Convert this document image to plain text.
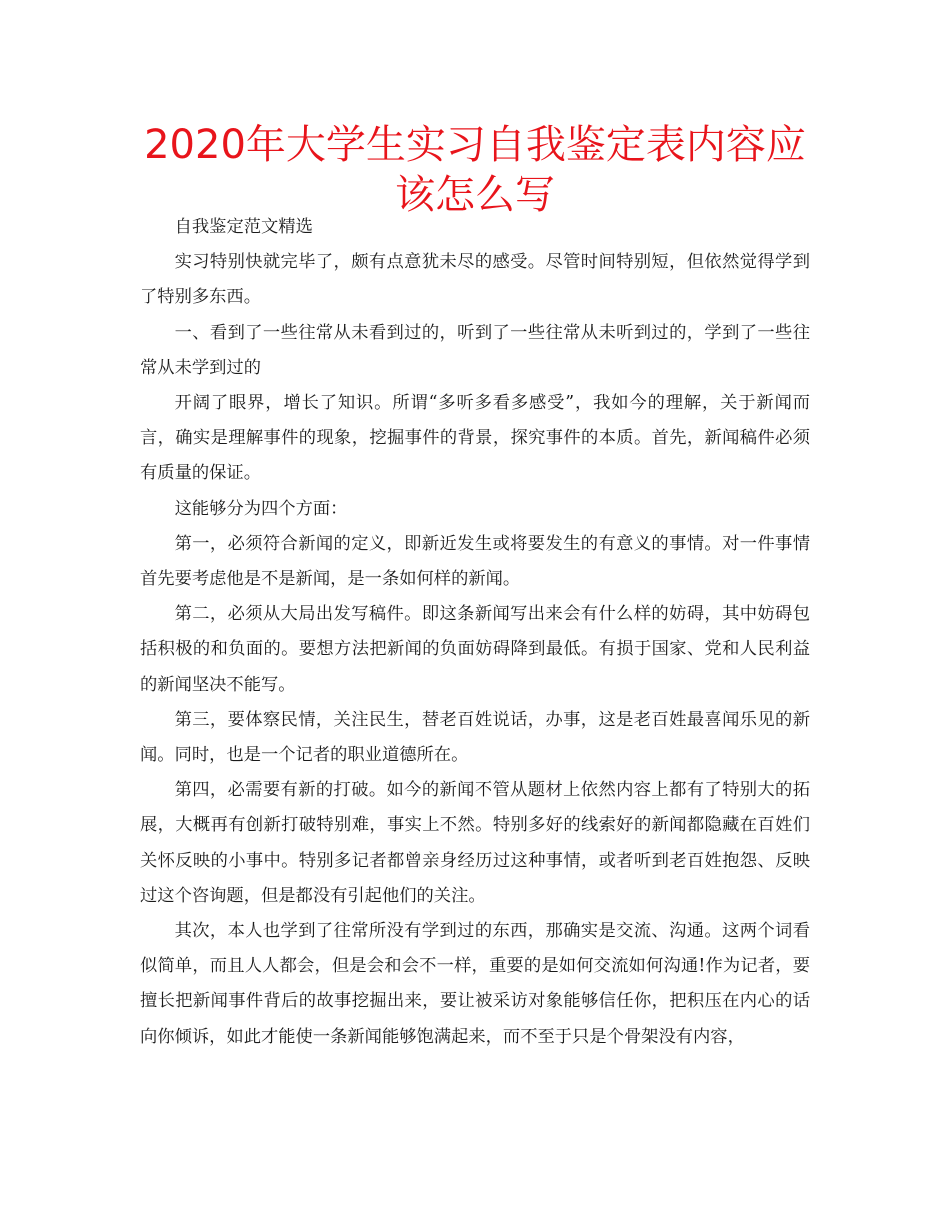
2020年大学生实习自我鉴定表内容应该怎么写

自我鉴定范文精选

实习特别快就完毕了，颇有点意犹未尽的感受。尽管时间特别短，但依然觉得学到了特别多东西。

一、看到了一些往常从未看到过的，听到了一些往常从未听到过的，学到了一些往常从未学到过的

开阔了眼界，增长了知识。所谓“多听多看多感受”，我如今的理解，关于新闻而言，确实是理解事件的现象，挖掘事件的背景，探究事件的本质。首先，新闻稿件必须有质量的保证。

这能够分为四个方面：

第一，必须符合新闻的定义，即新近发生或将要发生的有意义的事情。对一件事情首先要考虑他是不是新闻，是一条如何样的新闻。

第二，必须从大局出发写稿件。即这条新闻写出来会有什么样的妨碍，其中妨碍包括积极的和负面的。要想方法把新闻的负面妨碍降到最低。有损于国家、党和人民利益的新闻坚决不能写。

第三，要体察民情，关注民生，替老百姓说话，办事，这是老百姓最喜闻乐见的新闻。同时，也是一个记者的职业道德所在。

第四，必需要有新的打破。如今的新闻不管从题材上依然内容上都有了特别大的拓展，大概再有创新打破特别难，事实上不然。特别多好的线索好的新闻都隐藏在百姓们关怀反映的小事中。特别多记者都曾亲身经历过这种事情，或者听到老百姓抱怨、反映过这个咨询题，但是都没有引起他们的关注。

其次，本人也学到了往常所没有学到过的东西，那确实是交流、沟通。这两个词看似简单，而且人人都会，但是会和会不一样，重要的是如何交流如何沟通!作为记者，要擅长把新闻事件背后的故事挖掘出来，要让被采访对象能够信任你，把积压在内心的话向你倾诉，如此才能使一条新闻能够饱满起来，而不至于只是个骨架没有内容，
